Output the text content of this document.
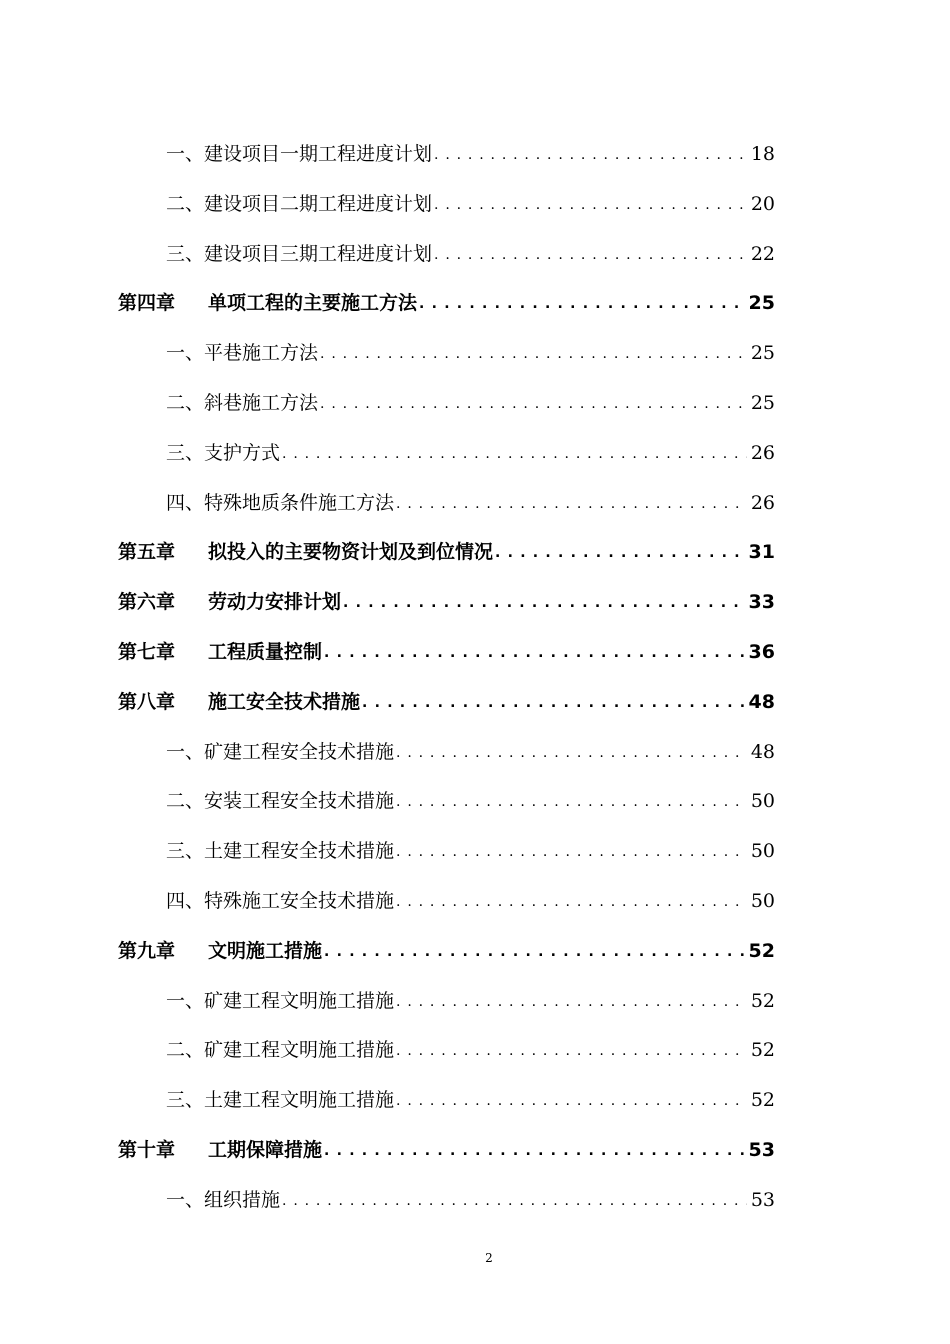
一、建设项目一期工程进度计划 . . .	18
二、建设项目二期工程进度计划 . . .	20
三、建设项目三期工程进度计划 . . .	22
第四章	单项工程的主要施工方法 . . .	25
一、平巷施工方法 . . .	25
二、斜巷施工方法 . . .	25
三、支护方式 . . .	26
四、特殊地质条件施工方法 . . .	26
第五章	拟投入的主要物资计划及到位情况 . . .	31
第六章	劳动力安排计划 . . .	33
第七章	工程质量控制 . . .	36
第八章	施工安全技术措施 . . .	48
一、矿建工程安全技术措施 . . .	48
二、安装工程安全技术措施 . . .	50
三、土建工程安全技术措施 . . .	50
四、特殊施工安全技术措施 . . .	50
第九章	文明施工措施 . . .	52
一、矿建工程文明施工措施 . . .	52
二、矿建工程文明施工措施 . . .	52
三、土建工程文明施工措施 . . .	52
第十章	工期保障措施 . . .	53
一、组织措施 . . .	53
2
